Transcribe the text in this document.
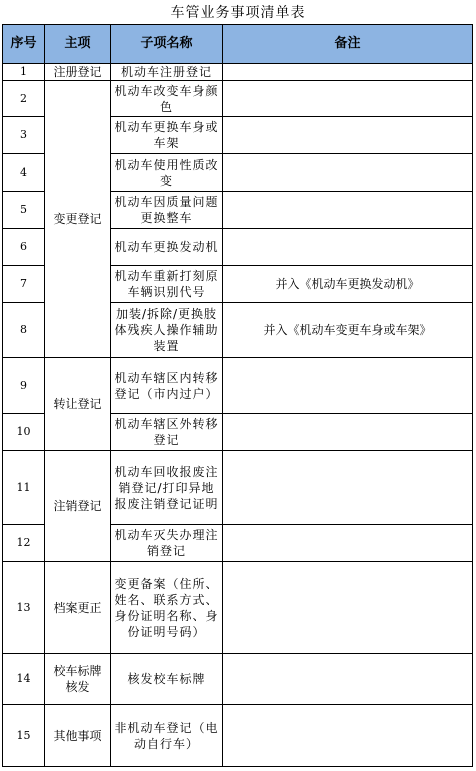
车管业务事项清单表
序号	主项	子项名称	备注
1	注册登记	机动车注册登记	
2	变更登记	机动车改变车身颜色	
3		机动车更换车身或车架	
4		机动车使用性质改变	
5		机动车因质量问题更换整车	
6		机动车更换发动机	
7		机动车重新打刻原车辆识别代号	并入《机动车更换发动机》
8		加装/拆除/更换肢体残疾人操作辅助装置	并入《机动车变更车身或车架》
9	转让登记	机动车辖区内转移登记（市内过户）	
10		机动车辖区外转移登记	
11	注销登记	机动车回收报废注销登记/打印异地报废注销登记证明	
12		机动车灭失办理注销登记	
13	档案更正	变更备案（住所、姓名、联系方式、身份证明名称、身份证明号码）	
14	校车标牌核发	核发校车标牌	
15	其他事项	非机动车登记（电动自行车）	
